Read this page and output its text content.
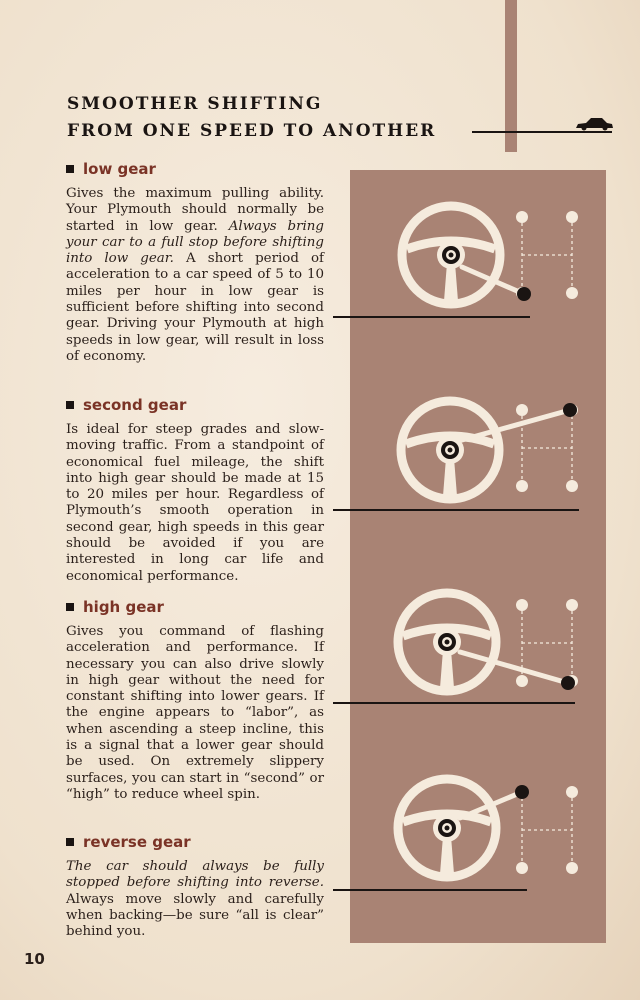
SMOOTHER SHIFTING
FROM ONE SPEED TO ANOTHER
low gear
Gives the maximum pulling ability. Your Plymouth should normally be started in low gear. Always bring your car to a full stop before shifting into low gear. A short period of acceleration to a car speed of 5 to 10 miles per hour in low gear is sufficient before shifting into second gear. Driving your Plymouth at high speeds in low gear, will result in loss of economy.
second gear
Is ideal for steep grades and slow-moving traffic. From a standpoint of economical fuel mileage, the shift into high gear should be made at 15 to 20 miles per hour. Regardless of Plymouth’s smooth operation in second gear, high speeds in this gear should be avoided if you are interested in long car life and economical performance.
high gear
Gives you command of flashing acceleration and performance. If necessary you can also drive slowly in high gear without the need for constant shifting into lower gears. If the engine appears to “labor”, as when ascending a steep incline, this is a signal that a lower gear should be used. On extremely slippery surfaces, you can start in “second” or “high” to reduce wheel spin.
reverse gear
The car should always be fully stopped before shifting into reverse. Always move slowly and carefully when backing—be sure “all is clear” behind you.
10
